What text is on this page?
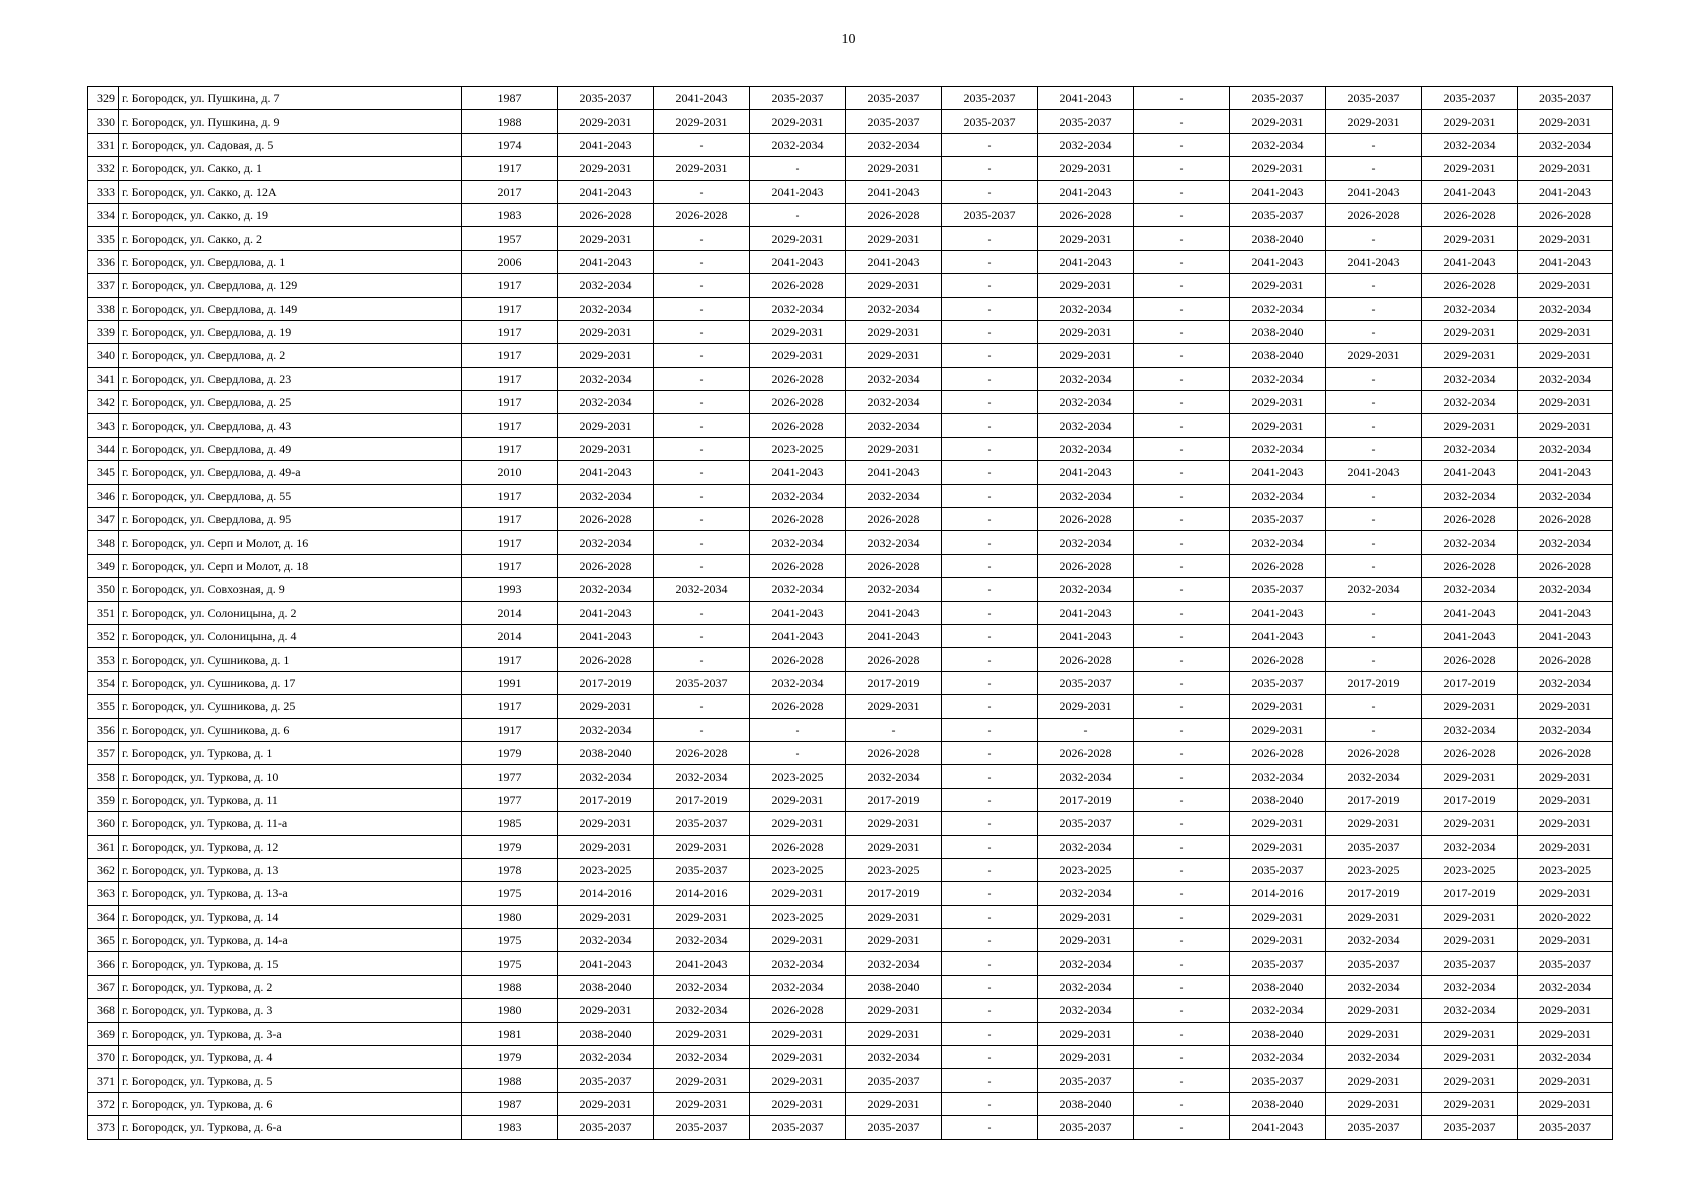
10
329	г. Богородск, ул. Пушкина, д. 7	1987	2035-2037	2041-2043	2035-2037	2035-2037	2035-2037	2041-2043	-	2035-2037	2035-2037	2035-2037	2035-2037
330	г. Богородск, ул. Пушкина, д. 9	1988	2029-2031	2029-2031	2029-2031	2035-2037	2035-2037	2035-2037	-	2029-2031	2029-2031	2029-2031	2029-2031
331	г. Богородск, ул. Садовая, д. 5	1974	2041-2043	-	2032-2034	2032-2034	-	2032-2034	-	2032-2034	-	2032-2034	2032-2034
332	г. Богородск, ул. Сакко, д. 1	1917	2029-2031	2029-2031	-	2029-2031	-	2029-2031	-	2029-2031	-	2029-2031	2029-2031
333	г. Богородск, ул. Сакко, д. 12А	2017	2041-2043	-	2041-2043	2041-2043	-	2041-2043	-	2041-2043	2041-2043	2041-2043	2041-2043
334	г. Богородск, ул. Сакко, д. 19	1983	2026-2028	2026-2028	-	2026-2028	2035-2037	2026-2028	-	2035-2037	2026-2028	2026-2028	2026-2028
335	г. Богородск, ул. Сакко, д. 2	1957	2029-2031	-	2029-2031	2029-2031	-	2029-2031	-	2038-2040	-	2029-2031	2029-2031
336	г. Богородск, ул. Свердлова, д. 1	2006	2041-2043	-	2041-2043	2041-2043	-	2041-2043	-	2041-2043	2041-2043	2041-2043	2041-2043
337	г. Богородск, ул. Свердлова, д. 129	1917	2032-2034	-	2026-2028	2029-2031	-	2029-2031	-	2029-2031	-	2026-2028	2029-2031
338	г. Богородск, ул. Свердлова, д. 149	1917	2032-2034	-	2032-2034	2032-2034	-	2032-2034	-	2032-2034	-	2032-2034	2032-2034
339	г. Богородск, ул. Свердлова, д. 19	1917	2029-2031	-	2029-2031	2029-2031	-	2029-2031	-	2038-2040	-	2029-2031	2029-2031
340	г. Богородск, ул. Свердлова, д. 2	1917	2029-2031	-	2029-2031	2029-2031	-	2029-2031	-	2038-2040	2029-2031	2029-2031	2029-2031
341	г. Богородск, ул. Свердлова, д. 23	1917	2032-2034	-	2026-2028	2032-2034	-	2032-2034	-	2032-2034	-	2032-2034	2032-2034
342	г. Богородск, ул. Свердлова, д. 25	1917	2032-2034	-	2026-2028	2032-2034	-	2032-2034	-	2029-2031	-	2032-2034	2029-2031
343	г. Богородск, ул. Свердлова, д. 43	1917	2029-2031	-	2026-2028	2032-2034	-	2032-2034	-	2029-2031	-	2029-2031	2029-2031
344	г. Богородск, ул. Свердлова, д. 49	1917	2029-2031	-	2023-2025	2029-2031	-	2032-2034	-	2032-2034	-	2032-2034	2032-2034
345	г. Богородск, ул. Свердлова, д. 49-а	2010	2041-2043	-	2041-2043	2041-2043	-	2041-2043	-	2041-2043	2041-2043	2041-2043	2041-2043
346	г. Богородск, ул. Свердлова, д. 55	1917	2032-2034	-	2032-2034	2032-2034	-	2032-2034	-	2032-2034	-	2032-2034	2032-2034
347	г. Богородск, ул. Свердлова, д. 95	1917	2026-2028	-	2026-2028	2026-2028	-	2026-2028	-	2035-2037	-	2026-2028	2026-2028
348	г. Богородск, ул. Серп и Молот, д. 16	1917	2032-2034	-	2032-2034	2032-2034	-	2032-2034	-	2032-2034	-	2032-2034	2032-2034
349	г. Богородск, ул. Серп и Молот, д. 18	1917	2026-2028	-	2026-2028	2026-2028	-	2026-2028	-	2026-2028	-	2026-2028	2026-2028
350	г. Богородск, ул. Совхозная, д. 9	1993	2032-2034	2032-2034	2032-2034	2032-2034	-	2032-2034	-	2035-2037	2032-2034	2032-2034	2032-2034
351	г. Богородск, ул. Солоницына, д. 2	2014	2041-2043	-	2041-2043	2041-2043	-	2041-2043	-	2041-2043	-	2041-2043	2041-2043
352	г. Богородск, ул. Солоницына, д. 4	2014	2041-2043	-	2041-2043	2041-2043	-	2041-2043	-	2041-2043	-	2041-2043	2041-2043
353	г. Богородск, ул. Сушникова, д. 1	1917	2026-2028	-	2026-2028	2026-2028	-	2026-2028	-	2026-2028	-	2026-2028	2026-2028
354	г. Богородск, ул. Сушникова, д. 17	1991	2017-2019	2035-2037	2032-2034	2017-2019	-	2035-2037	-	2035-2037	2017-2019	2017-2019	2032-2034
355	г. Богородск, ул. Сушникова, д. 25	1917	2029-2031	-	2026-2028	2029-2031	-	2029-2031	-	2029-2031	-	2029-2031	2029-2031
356	г. Богородск, ул. Сушникова, д. 6	1917	2032-2034	-	-	-	-	-	-	2029-2031	-	2032-2034	2032-2034
357	г. Богородск, ул. Туркова, д. 1	1979	2038-2040	2026-2028	-	2026-2028	-	2026-2028	-	2026-2028	2026-2028	2026-2028	2026-2028
358	г. Богородск, ул. Туркова, д. 10	1977	2032-2034	2032-2034	2023-2025	2032-2034	-	2032-2034	-	2032-2034	2032-2034	2029-2031	2029-2031
359	г. Богородск, ул. Туркова, д. 11	1977	2017-2019	2017-2019	2029-2031	2017-2019	-	2017-2019	-	2038-2040	2017-2019	2017-2019	2029-2031
360	г. Богородск, ул. Туркова, д. 11-а	1985	2029-2031	2035-2037	2029-2031	2029-2031	-	2035-2037	-	2029-2031	2029-2031	2029-2031	2029-2031
361	г. Богородск, ул. Туркова, д. 12	1979	2029-2031	2029-2031	2026-2028	2029-2031	-	2032-2034	-	2029-2031	2035-2037	2032-2034	2029-2031
362	г. Богородск, ул. Туркова, д. 13	1978	2023-2025	2035-2037	2023-2025	2023-2025	-	2023-2025	-	2035-2037	2023-2025	2023-2025	2023-2025
363	г. Богородск, ул. Туркова, д. 13-а	1975	2014-2016	2014-2016	2029-2031	2017-2019	-	2032-2034	-	2014-2016	2017-2019	2017-2019	2029-2031
364	г. Богородск, ул. Туркова, д. 14	1980	2029-2031	2029-2031	2023-2025	2029-2031	-	2029-2031	-	2029-2031	2029-2031	2029-2031	2020-2022
365	г. Богородск, ул. Туркова, д. 14-а	1975	2032-2034	2032-2034	2029-2031	2029-2031	-	2029-2031	-	2029-2031	2032-2034	2029-2031	2029-2031
366	г. Богородск, ул. Туркова, д. 15	1975	2041-2043	2041-2043	2032-2034	2032-2034	-	2032-2034	-	2035-2037	2035-2037	2035-2037	2035-2037
367	г. Богородск, ул. Туркова, д. 2	1988	2038-2040	2032-2034	2032-2034	2038-2040	-	2032-2034	-	2038-2040	2032-2034	2032-2034	2032-2034
368	г. Богородск, ул. Туркова, д. 3	1980	2029-2031	2032-2034	2026-2028	2029-2031	-	2032-2034	-	2032-2034	2029-2031	2032-2034	2029-2031
369	г. Богородск, ул. Туркова, д. 3-а	1981	2038-2040	2029-2031	2029-2031	2029-2031	-	2029-2031	-	2038-2040	2029-2031	2029-2031	2029-2031
370	г. Богородск, ул. Туркова, д. 4	1979	2032-2034	2032-2034	2029-2031	2032-2034	-	2029-2031	-	2032-2034	2032-2034	2029-2031	2032-2034
371	г. Богородск, ул. Туркова, д. 5	1988	2035-2037	2029-2031	2029-2031	2035-2037	-	2035-2037	-	2035-2037	2029-2031	2029-2031	2029-2031
372	г. Богородск, ул. Туркова, д. 6	1987	2029-2031	2029-2031	2029-2031	2029-2031	-	2038-2040	-	2038-2040	2029-2031	2029-2031	2029-2031
373	г. Богородск, ул. Туркова, д. 6-а	1983	2035-2037	2035-2037	2035-2037	2035-2037	-	2035-2037	-	2041-2043	2035-2037	2035-2037	2035-2037
